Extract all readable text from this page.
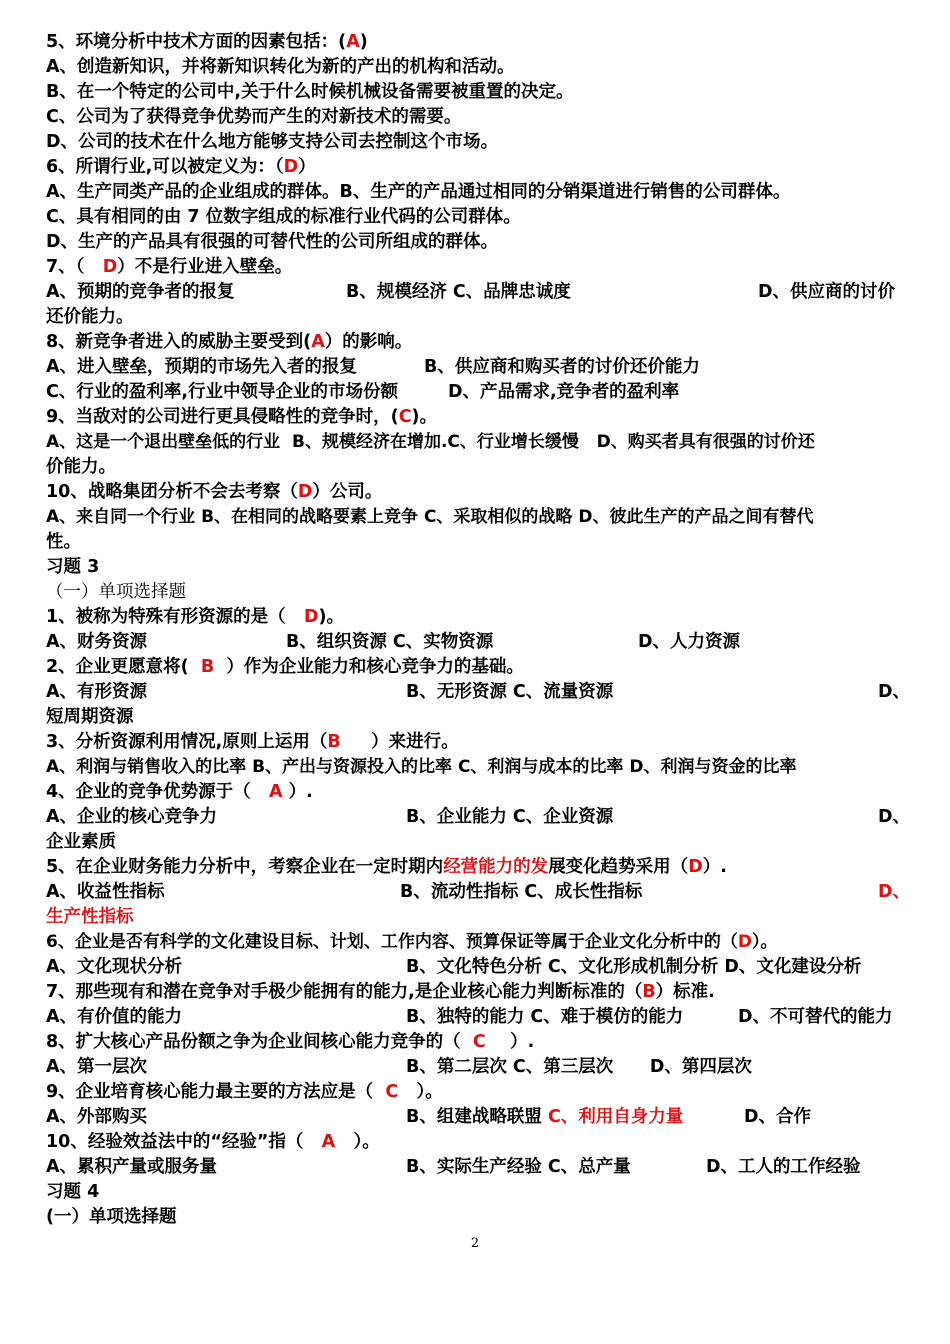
5、环境分析中技术方面的因素包括：(A)
A、创造新知识，并将新知识转化为新的产出的机构和活动。
B、在一个特定的公司中,关于什么时候机械设备需要被重置的决定。
C、公司为了获得竞争优势而产生的对新技术的需要。
D、公司的技术在什么地方能够支持公司去控制这个市场。
6、所谓行业,可以被定义为：（D）
A、生产同类产品的企业组成的群体。B、生产的产品通过相同的分销渠道进行销售的公司群体。
C、具有相同的由 7 位数字组成的标准行业代码的公司群体。
D、生产的产品具有很强的可替代性的公司所组成的群体。
7、（   D）不是行业进入壁垒。
A、预期的竞争者的报复	B、规模经济 C、品牌忠诚度	D、供应商的讨价
还价能力。
8、新竞争者进入的威胁主要受到(A）的影响。
A、进入壁垒，预期的市场先入者的报复	B、供应商和购买者的讨价还价能力
C、行业的盈利率,行业中领导企业的市场份额	D、产品需求,竞争者的盈利率
9、当敌对的公司进行更具侵略性的竞争时，(C)。
A、这是一个退出壁垒低的行业  B、规模经济在增加.C、行业增长缓慢   D、购买者具有很强的讨价还
价能力。
10、战略集团分析不会去考察（D）公司。
A、来自同一个行业 B、在相同的战略要素上竞争 C、采取相似的战略 D、彼此生产的产品之间有替代
性。
习题 3
（一）单项选择题
1、被称为特殊有形资源的是（   D)。
A、财务资源	B、组织资源 C、实物资源	D、人力资源
2、企业更愿意将(  B  ）作为企业能力和核心竞争力的基础。
A、有形资源	B、无形资源 C、流量资源	D、
短周期资源
3、分析资源利用情况,原则上运用（B     ）来进行。
A、利润与销售收入的比率 B、产出与资源投入的比率 C、利润与成本的比率 D、利润与资金的比率
4、企业的竞争优势源于（   A ）.
A、企业的核心竞争力	B、企业能力 C、企业资源	D、
企业素质
5、在企业财务能力分析中，考察企业在一定时期内经营能力的发展变化趋势采用（D）.
A、收益性指标	B、流动性指标 C、成长性指标	D、
生产性指标
6、企业是否有科学的文化建设目标、计划、工作内容、预算保证等属于企业文化分析中的（D）。
A、文化现状分析	B、文化特色分析 C、文化形成机制分析 D、文化建设分析
7、那些现有和潜在竞争对手极少能拥有的能力,是企业核心能力判断标准的（B）标准.
A、有价值的能力	B、独特的能力 C、难于模仿的能力	D、不可替代的能力
8、扩大核心产品份额之争为企业间核心能力竞争的（  C    ）.
A、第一层次	B、第二层次 C、第三层次      D、第四层次
9、企业培育核心能力最主要的方法应是（  C   ）。
A、外部购买	B、组建战略联盟 C、利用自身力量	D、合作
10、经验效益法中的“经验”指（   A   ）。
A、累积产量或服务量	B、实际生产经验 C、总产量	D、工人的工作经验
习题 4
(一）单项选择题
2
